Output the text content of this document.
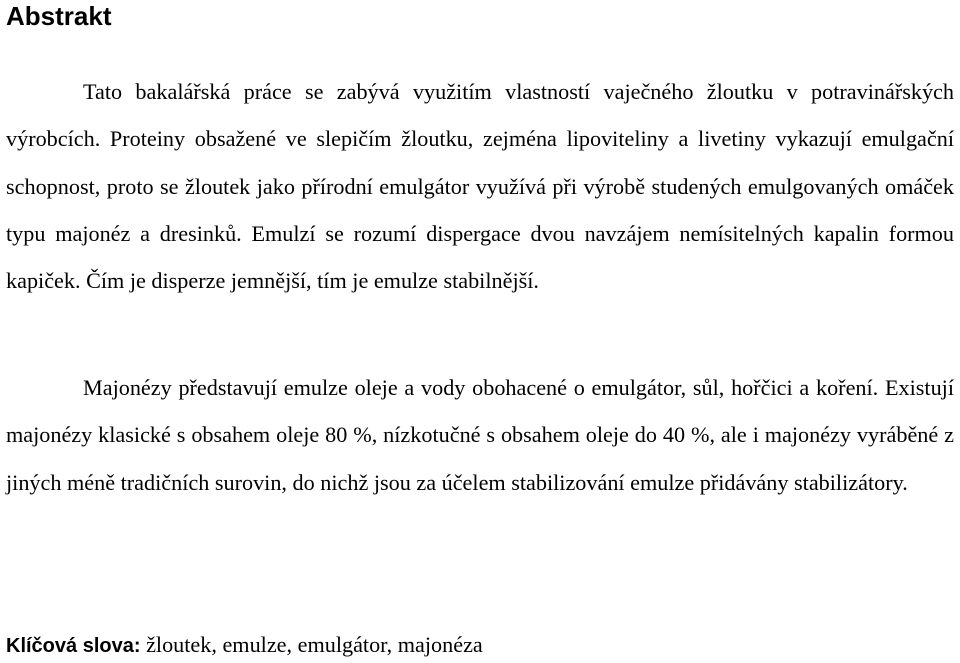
Abstrakt

Tato bakalářská práce se zabývá využitím vlastností vaječného žloutku v potravinářských výrobcích. Proteiny obsažené ve slepičím žloutku, zejména lipoviteliny a livetiny vykazují emulgační schopnost, proto se žloutek jako přírodní emulgátor využívá při výrobě studených emulgovaných omáček typu majonéz a dresinků. Emulzí se rozumí dispergace dvou navzájem nemísitelných kapalin formou kapiček. Čím je disperze jemnější, tím je emulze stabilnější.

Majonézy představují emulze oleje a vody obohacené o emulgátor, sůl, hořčici a koření. Existují majonézy klasické s obsahem oleje 80 %, nízkotučné s obsahem oleje do 40 %, ale i majonézy vyráběné z jiných méně tradičních surovin, do nichž jsou za účelem stabilizování emulze přidávány stabilizátory.

Klíčová slova: žloutek, emulze, emulgátor, majonéza
